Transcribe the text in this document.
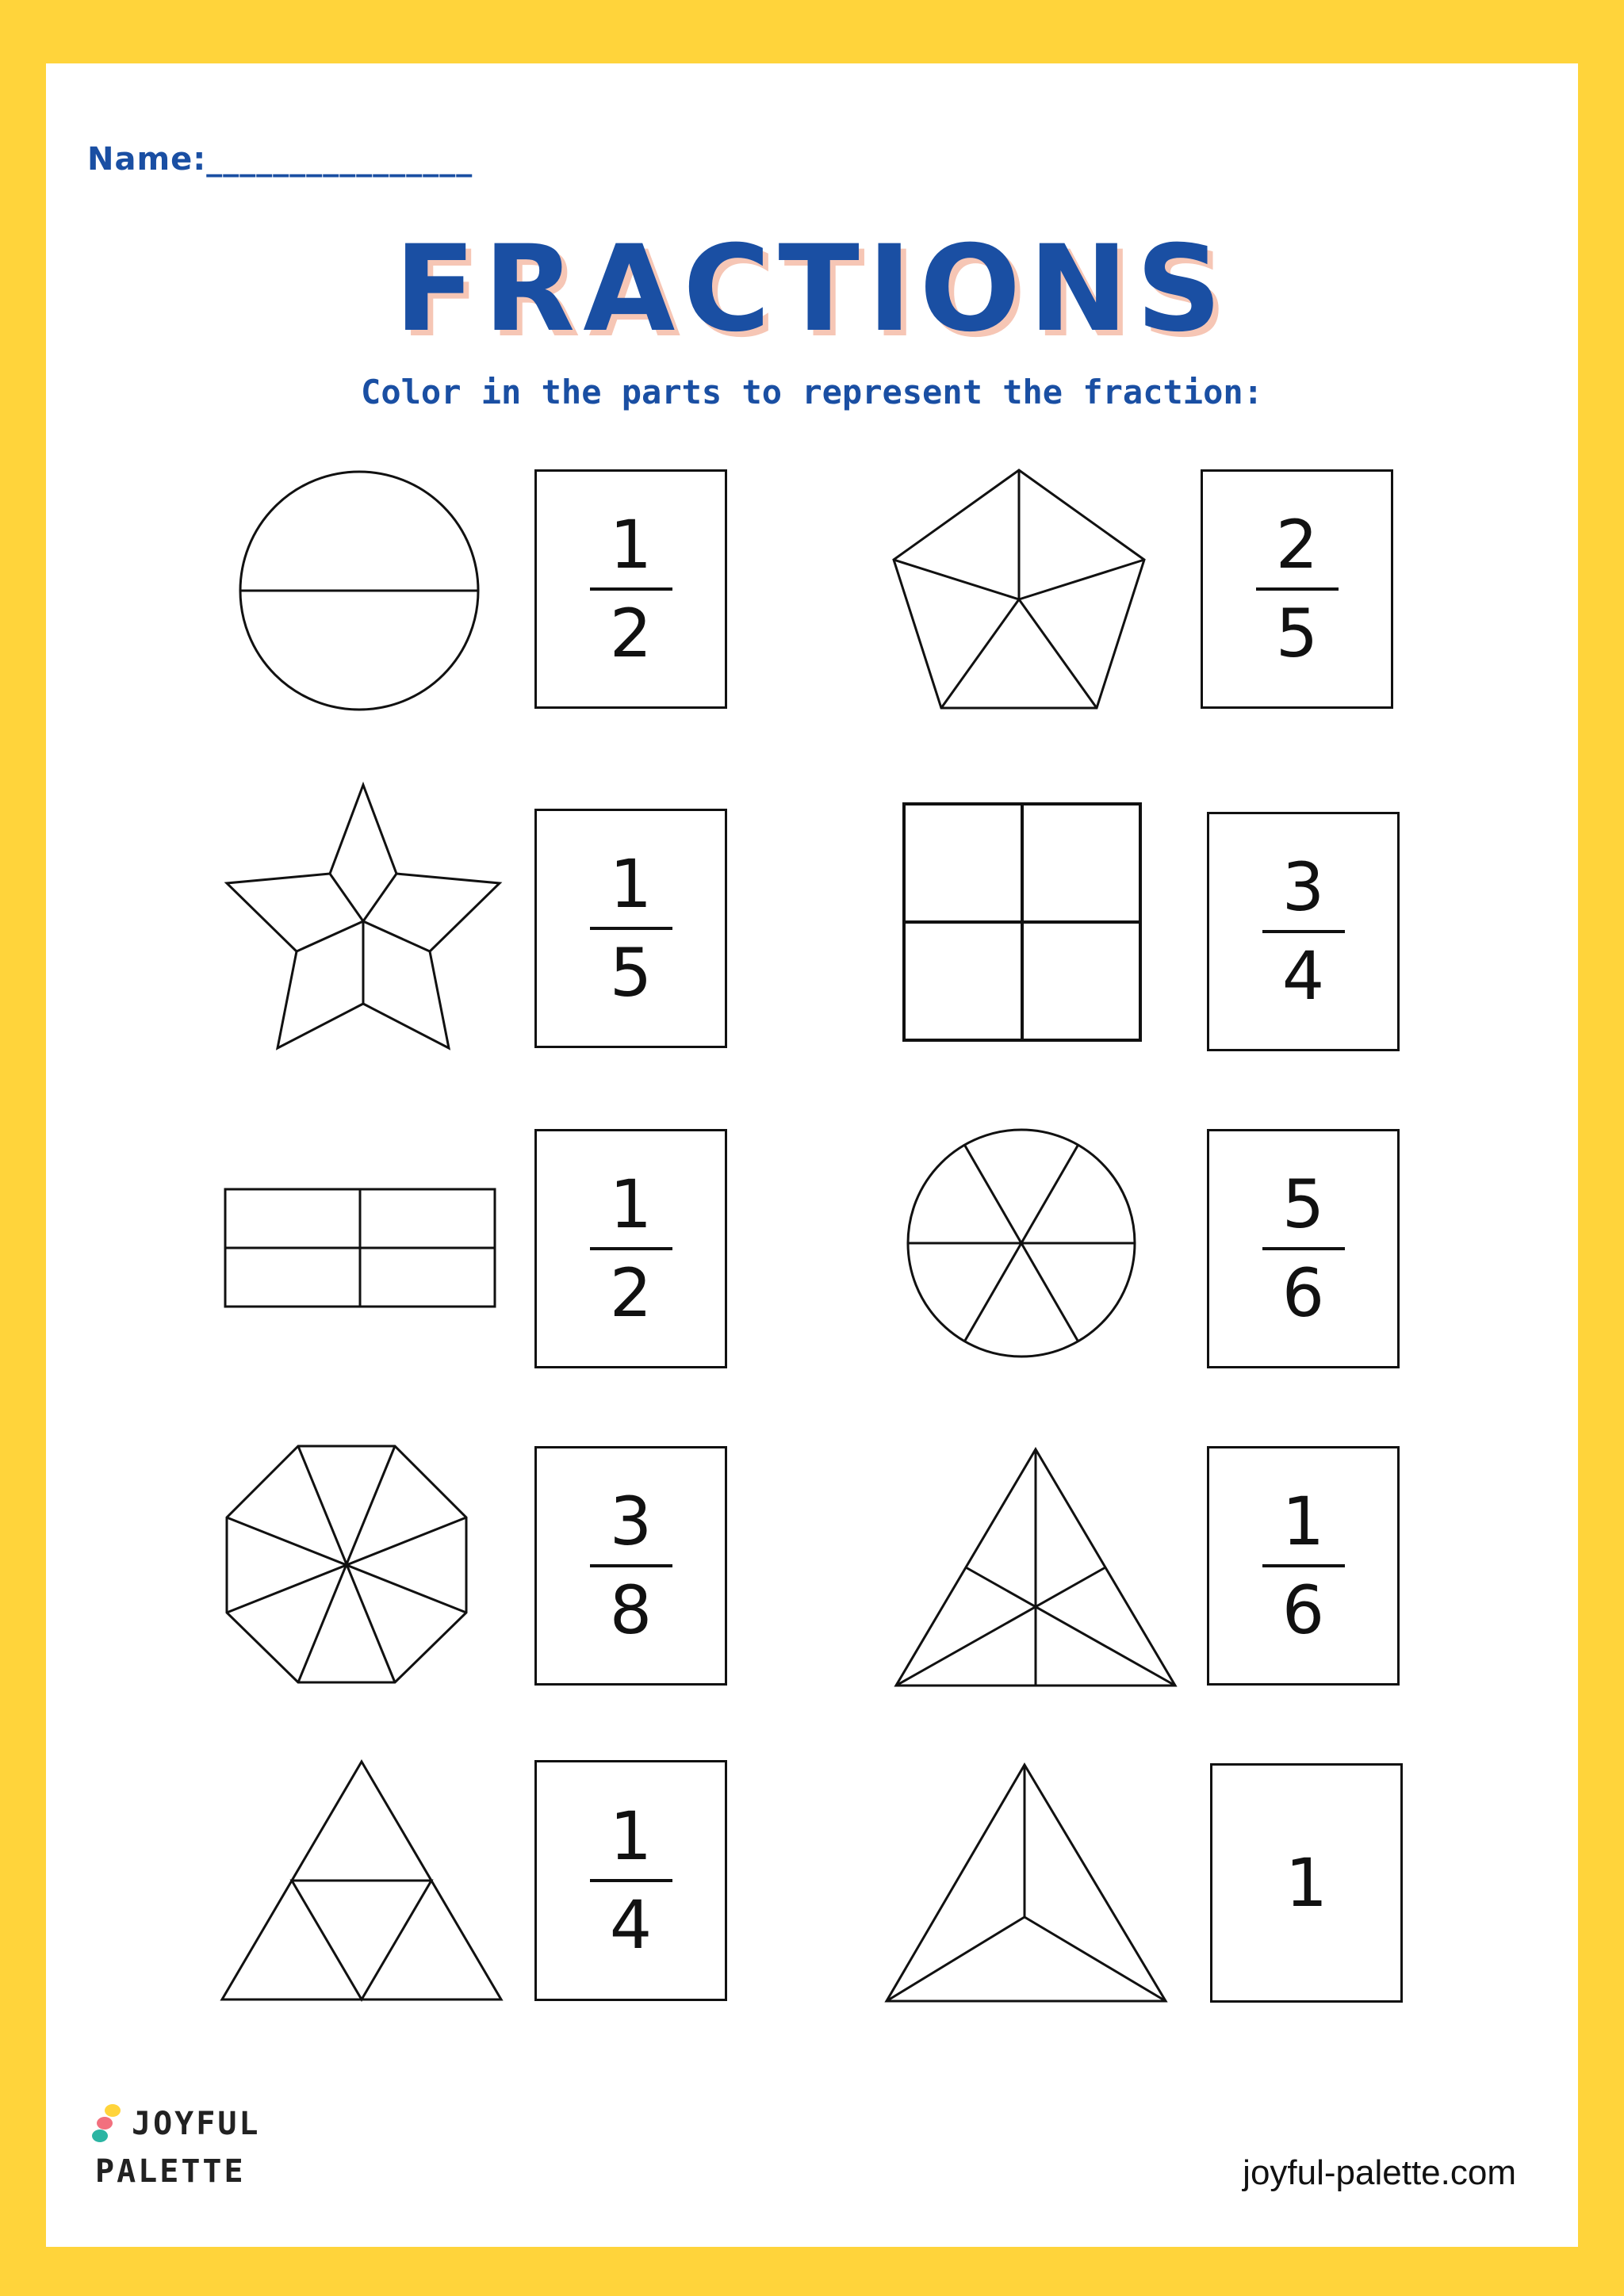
Name:________________
FRACTIONS
Color in the parts to represent the fraction:
1
2
2
5
1
5
3
4
1
2
5
6
3
8
1
6
1
4
1
JOYFUL
PALETTE	joyful-palette.com
